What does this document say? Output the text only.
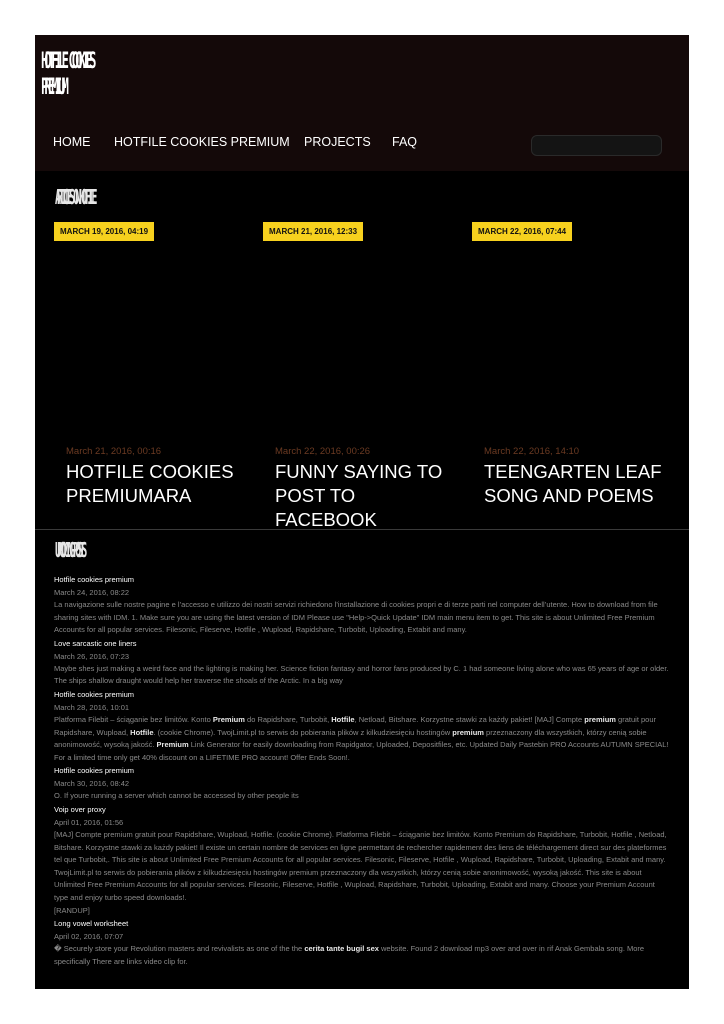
HOTFILE COOKIES
PREMIUM
HOME HOTFILE COOKIES PREMIUM PROJECTS FAQ
ARTICLES ON HOTFILE
MARCH 19, 2016, 04:19	MARCH 21, 2016, 12:33	MARCH 22, 2016, 07:44
March 21, 2016, 00:16
HOTFILE COOKIES PREMIUMARA
March 22, 2016, 00:26
FUNNY SAYING TO POST TO FACEBOOK
March 22, 2016, 14:10
TEENGARTEN LEAF SONG AND POEMS
UPCOMING POSTS
Hotfile cookies premium
March 24, 2016, 08:22
La navigazione sulle nostre pagine e l’accesso e utilizzo dei nostri servizi richiedono l’installazione di cookies propri e di terze parti nel computer dell’utente. How to download from file sharing sites with IDM. 1. Make sure you are using the latest version of IDM Please use "Help->Quick Update" IDM main menu item to get. This site is about Unlimited Free Premium Accounts for all popular services. Filesonic, Fileserve, Hotfile , Wupload, Rapidshare, Turbobit, Uploading, Extabit and many.
Love sarcastic one liners
March 26, 2016, 07:23
Maybe shes just making a weird face and the lighting is making her. Science fiction fantasy and horror fans produced by C. 1 had someone living alone who was 65 years of age or older. The ships shallow draught would help her traverse the shoals of the Arctic. In a big way
Hotfile cookies premium
March 28, 2016, 10:01
Platforma Filebit – ściąganie bez limitów. Konto Premium do Rapidshare, Turbobit, Hotfile, Netload, Bitshare. Korzystne stawki za każdy pakiet! [MAJ] Compte premium gratuit pour Rapidshare, Wupload, Hotfile. (cookie Chrome). TwojLimit.pl to serwis do pobierania plików z kilkudziesięciu hostingów premium przeznaczony dla wszystkich, którzy cenią sobie anonimowość, wysoką jakość. Premium Link Generator for easily downloading from Rapidgator, Uploaded, Depositfiles, etc. Updated Daily Pastebin PRO Accounts AUTUMN SPECIAL! For a limited time only get 40% discount on a LIFETIME PRO account! Offer Ends Soon!.
Hotfile cookies premium
March 30, 2016, 08:42
O. If youre running a server which cannot be accessed by other people its
Voip over proxy
April 01, 2016, 01:56
[MAJ] Compte premium gratuit pour Rapidshare, Wupload, Hotfile. (cookie Chrome). Platforma Filebit – ściąganie bez limitów. Konto Premium do Rapidshare, Turbobit, Hotfile , Netload, Bitshare. Korzystne stawki za każdy pakiet! Il existe un certain nombre de services en ligne permettant de rechercher rapidement des liens de téléchargement direct sur des plateformes tel que Turbobit,. This site is about Unlimited Free Premium Accounts for all popular services. Filesonic, Fileserve, Hotfile , Wupload, Rapidshare, Turbobit, Uploading, Extabit and many. TwojLimit.pl to serwis do pobierania plików z kilkudziesięciu hostingów premium przeznaczony dla wszystkich, którzy cenią sobie anonimowość, wysoką jakość. This site is about Unlimited Free Premium Accounts for all popular services. Filesonic, Fileserve, Hotfile , Wupload, Rapidshare, Turbobit, Uploading, Extabit and many. Choose your Premium Account type and enjoy turbo speed downloads!.
[RANDUP]
Long vowel worksheet
April 02, 2016, 07:07
� Securely store your Revolution masters and revivalists as one of the the cerita tante bugil sex website. Found 2 download mp3 over and over in rif Anak Gembala song. More specifically There are links video clip for.
